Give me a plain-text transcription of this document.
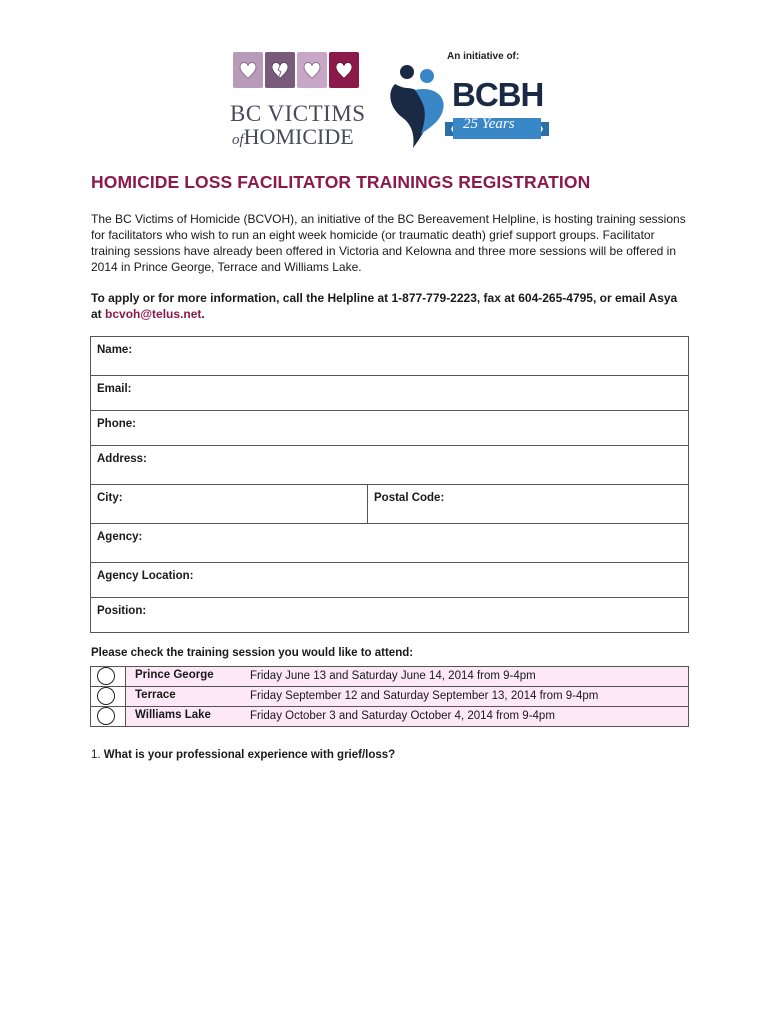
BC VICTIMS
ofHOMICIDE
An initiative of:
BCBH
25 Years
HOMICIDE LOSS FACILITATOR TRAININGS REGISTRATION
The BC Victims of Homicide (BCVOH), an initiative of the BC Bereavement Helpline, is hosting training sessions for facilitators who wish to run an eight week homicide (or traumatic death) grief support groups. Facilitator training sessions have already been offered in Victoria and Kelowna and three more sessions will be offered in 2014 in Prince George, Terrace and Williams Lake.
To apply or for more information, call the Helpline at 1-877-779-2223, fax at 604-265-4795, or email Asya at bcvoh@telus.net.
Name:
Email:
Phone:
Address:
City:	Postal Code:
Agency:
Agency Location:
Position:
Please check the training session you would like to attend:
Prince George	Friday June 13 and Saturday June 14, 2014 from 9-4pm
Terrace	Friday September 12 and Saturday September 13, 2014 from 9-4pm
Williams Lake	Friday October 3 and Saturday October 4, 2014 from 9-4pm
1. What is your professional experience with grief/loss?
